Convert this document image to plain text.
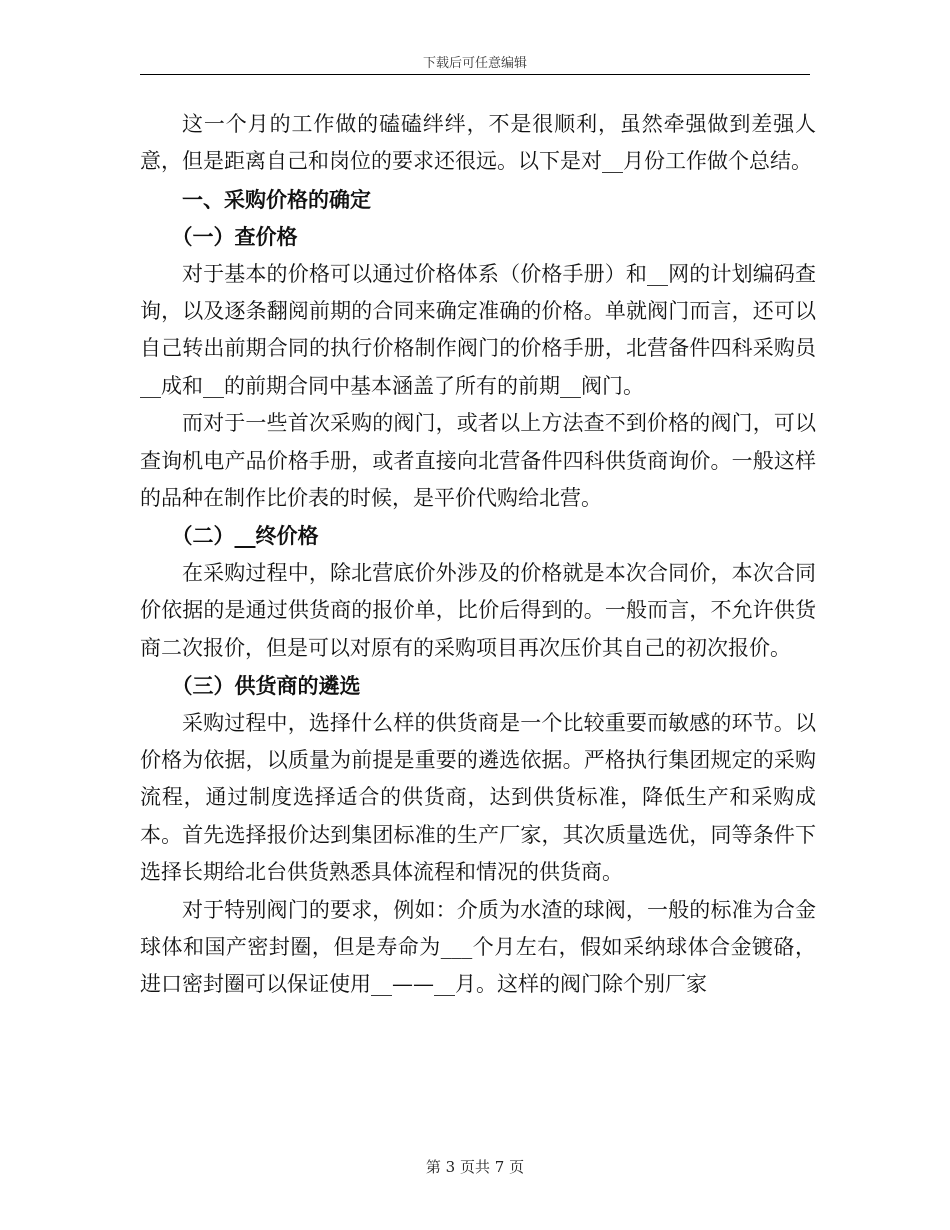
下载后可任意编辑

这一个月的工作做的磕磕绊绊，不是很顺利，虽然牵强做到差强人意，但是距离自己和岗位的要求还很远。以下是对__月份工作做个总结。

一、采购价格的确定

（一）查价格

对于基本的价格可以通过价格体系（价格手册）和__网的计划编码查询，以及逐条翻阅前期的合同来确定准确的价格。单就阀门而言，还可以自己转出前期合同的执行价格制作阀门的价格手册，北营备件四科采购员__成和__的前期合同中基本涵盖了所有的前期__阀门。

而对于一些首次采购的阀门，或者以上方法查不到价格的阀门，可以查询机电产品价格手册，或者直接向北营备件四科供货商询价。一般这样的品种在制作比价表的时候，是平价代购给北营。

（二）__终价格

在采购过程中，除北营底价外涉及的价格就是本次合同价，本次合同价依据的是通过供货商的报价单，比价后得到的。一般而言，不允许供货商二次报价，但是可以对原有的采购项目再次压价其自己的初次报价。

（三）供货商的遴选

采购过程中，选择什么样的供货商是一个比较重要而敏感的环节。以价格为依据，以质量为前提是重要的遴选依据。严格执行集团规定的采购流程，通过制度选择适合的供货商，达到供货标准，降低生产和采购成本。首先选择报价达到集团标准的生产厂家，其次质量选优，同等条件下选择长期给北台供货熟悉具体流程和情况的供货商。

对于特别阀门的要求，例如：介质为水渣的球阀，一般的标准为合金球体和国产密封圈，但是寿命为___个月左右，假如采纳球体合金镀硌，进口密封圈可以保证使用__——__月。这样的阀门除个别厂家

第 3 页共 7 页
